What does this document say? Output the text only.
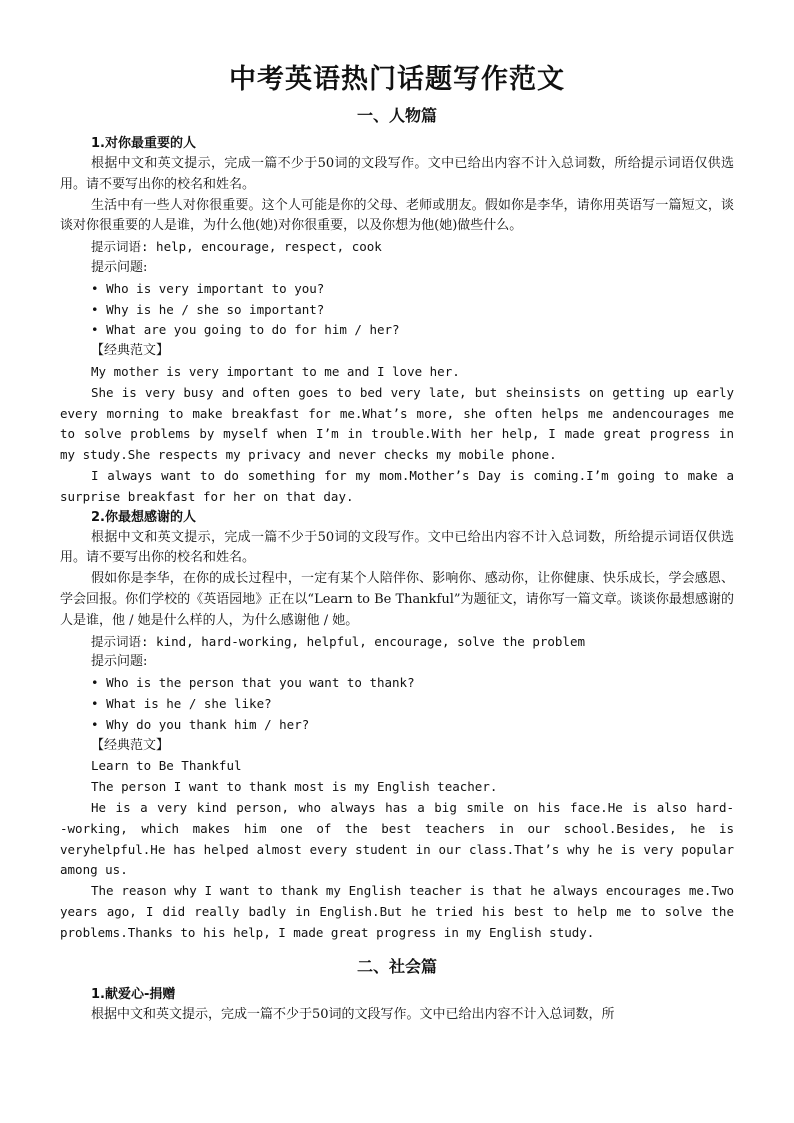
中考英语热门话题写作范文
一、人物篇

1.对你最重要的人

根据中文和英文提示，完成一篇不少于50词的文段写作。文中已给出内容不计入总词数，所给提示词语仅供选用。请不要写出你的校名和姓名。

生活中有一些人对你很重要。这个人可能是你的父母、老师或朋友。假如你是李华，请你用英语写一篇短文，谈谈对你很重要的人是谁，为什么他(她)对你很重要，以及你想为他(她)做些什么。

提示词语: help, encourage, respect, cook

提示问题:

• Who is very important to you?

• Why is he / she so important?

• What are you going to do for him / her?

【经典范文】

My mother is very important to me and I love her.

She is very busy and often goes to bed very late, but sheinsists on getting up early every morning to make breakfast for me.What’s more, she often helps me andencourages me to solve problems by myself when I’m in trouble.With her help, I made great progress in my study.She respects my privacy and never checks my mobile phone.

I always want to do something for my mom.Mother’s Day is coming.I’m going to make a surprise breakfast for her on that day.

2.你最想感谢的人

根据中文和英文提示，完成一篇不少于50词的文段写作。文中已给出内容不计入总词数，所给提示词语仅供选用。请不要写出你的校名和姓名。

假如你是李华，在你的成长过程中，一定有某个人陪伴你、影响你、感动你，让你健康、快乐成长，学会感恩、学会回报。你们学校的《英语园地》正在以“Learn to Be Thankful”为题征文，请你写一篇文章。谈谈你最想感谢的人是谁，他 / 她是什么样的人，为什么感谢他 / 她。

提示词语: kind, hard-working, helpful, encourage, solve the problem

提示问题:

• Who is the person that you want to thank?

• What is he / she like?

• Why do you thank him / her?

【经典范文】

Learn to Be Thankful

The person I want to thank most is my English teacher.

He is a very kind person, who always has a big smile on his face.He is also hard-‑working, which makes him one of the best teachers in our school.Besides, he is veryhelpful.He has helped almost every student in our class.That’s why he is very popular among us.

The reason why I want to thank my English teacher is that he always encourages me.Two years ago, I did really badly in English.But he tried his best to help me to solve the problems.Thanks to his help, I made great progress in my English study.

二、社会篇

1.献爱心-捐赠

根据中文和英文提示，完成一篇不少于50词的文段写作。文中已给出内容不计入总词数，所
